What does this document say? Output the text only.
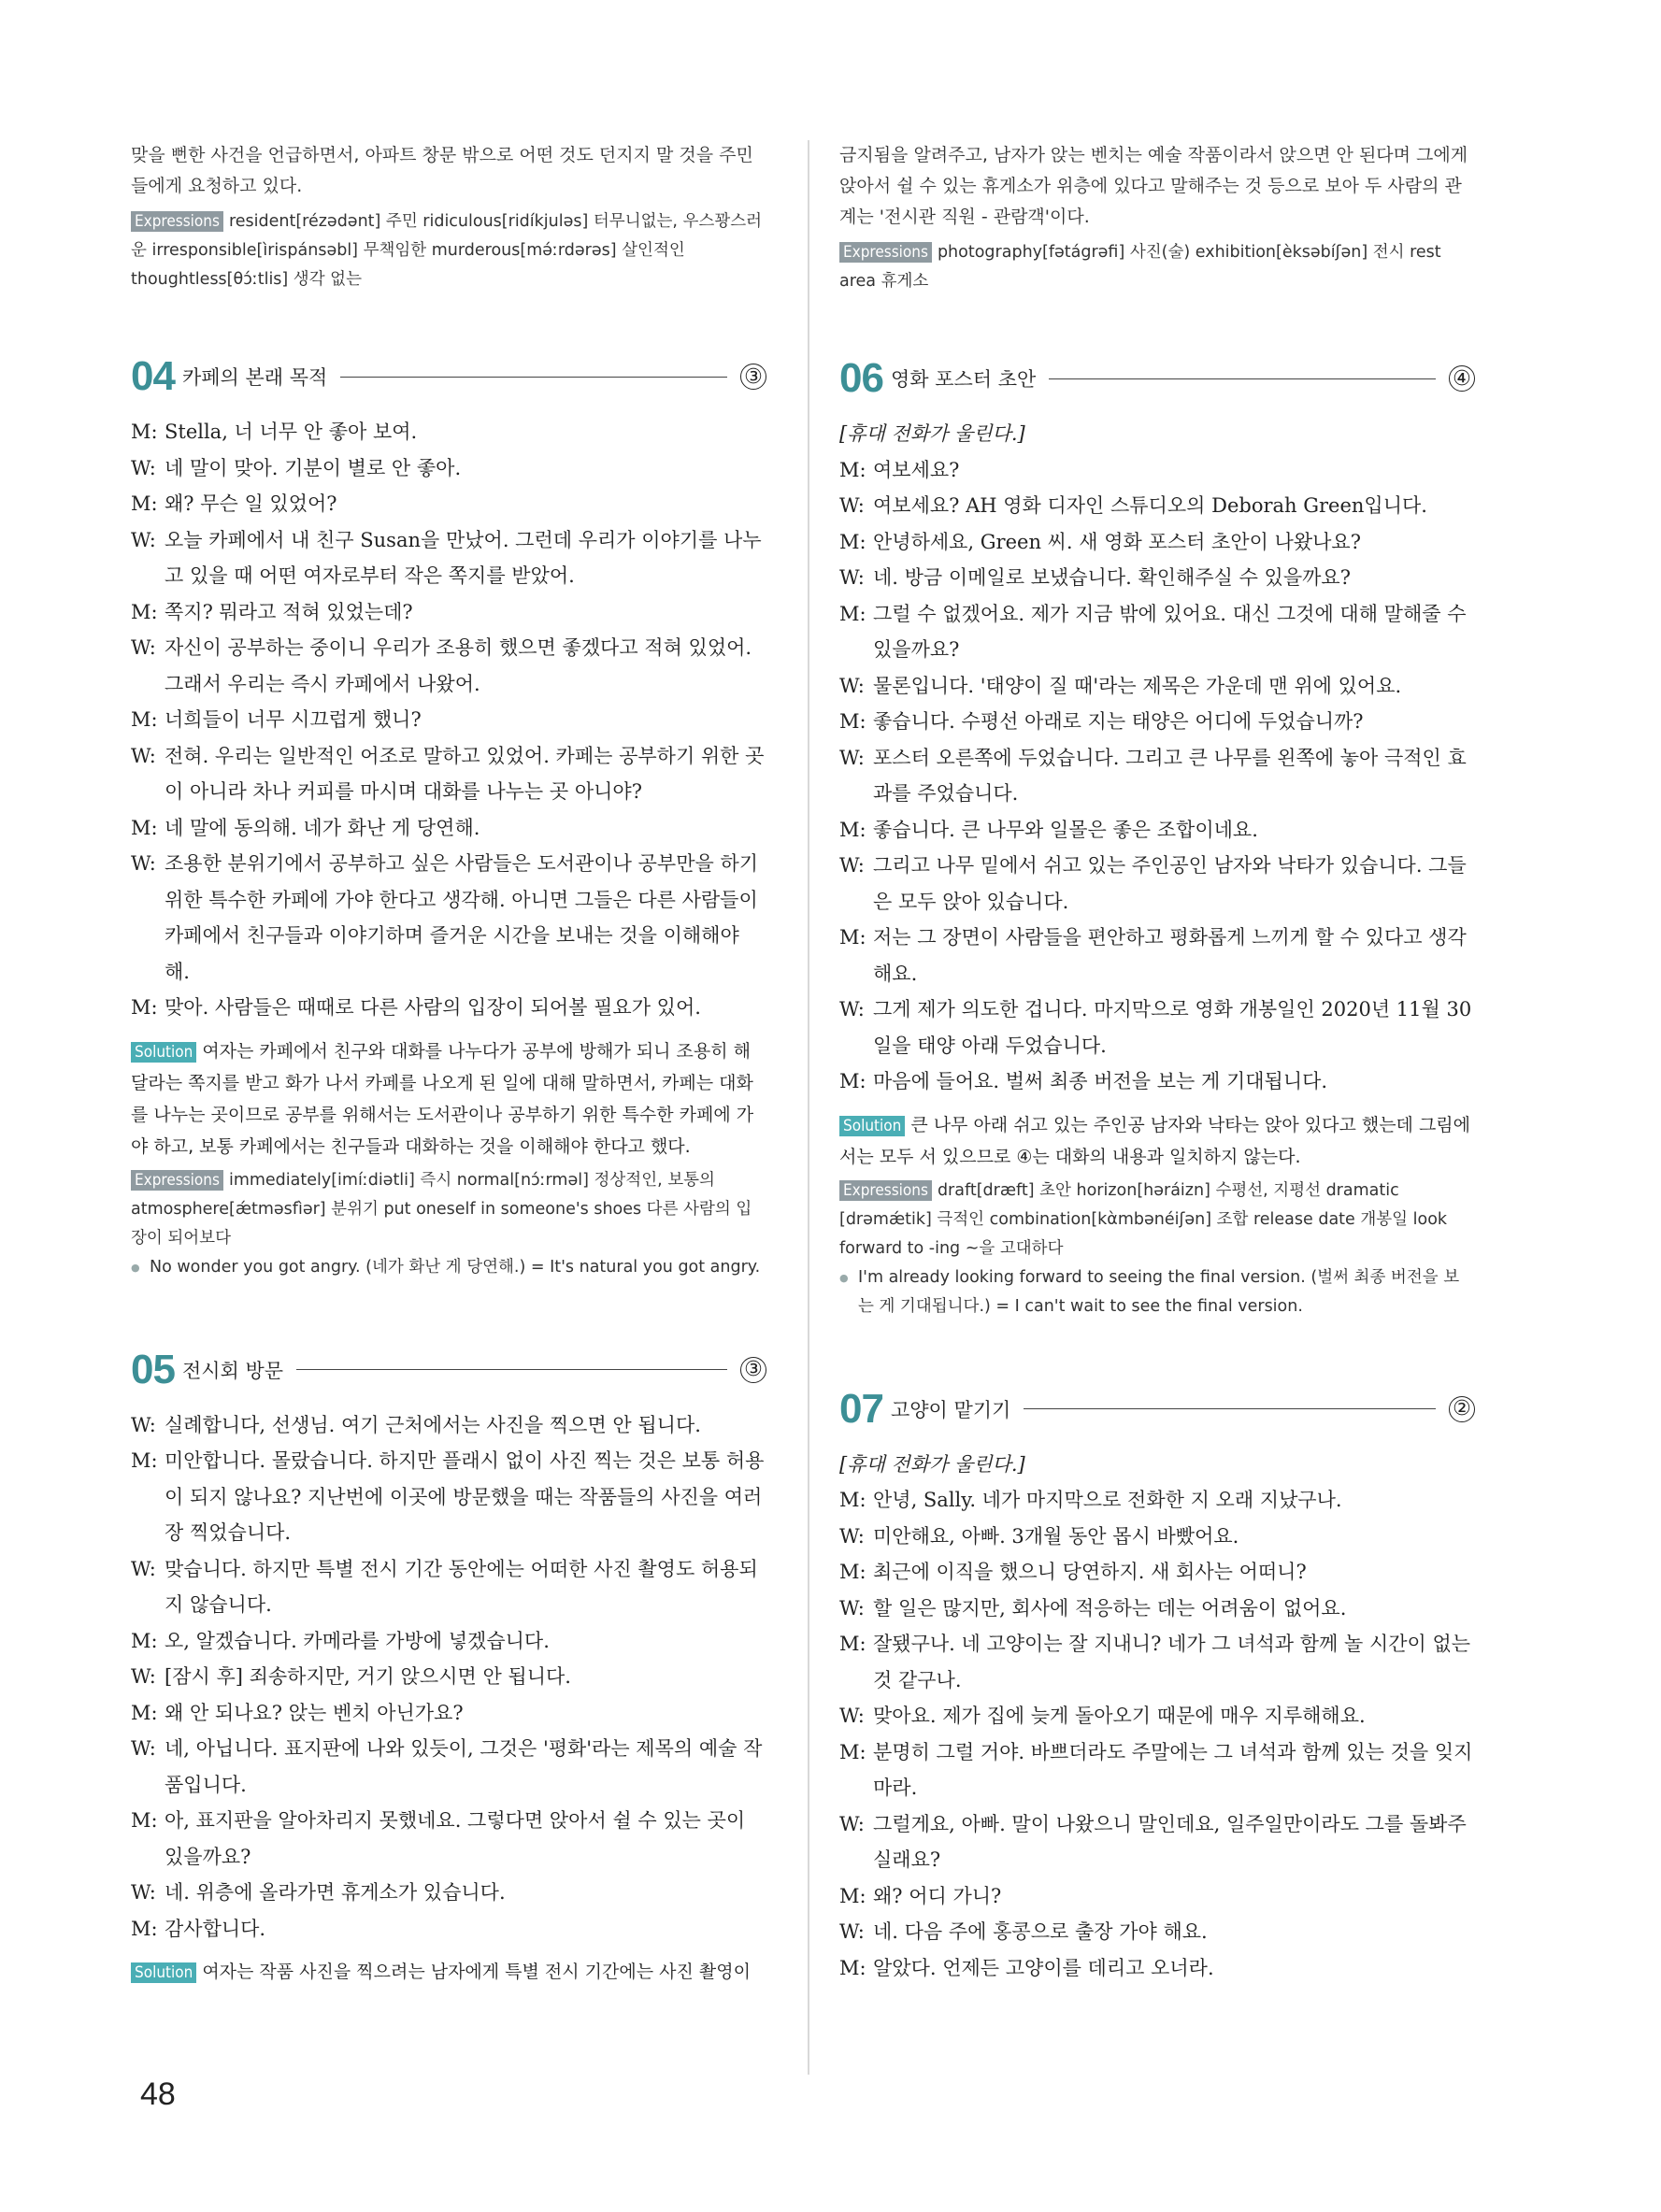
맞을 뻔한 사건을 언급하면서, 아파트 창문 밖으로 어떤 것도 던지지 말 것을 주민들에게 요청하고 있다.

Expressions resident[rézədənt] 주민 ridiculous[ridíkjuləs] 터무니없는, 우스꽝스러운 irresponsible[ìrispánsəbl] 무책임한 murderous[mə́ːrdərəs] 살인적인 thoughtless[θɔ́ːtlis] 생각 없는

04 카페의 본래 목적	③

M: Stella, 너 너무 안 좋아 보여.

W: 네 말이 맞아. 기분이 별로 안 좋아.

M: 왜? 무슨 일 있었어?

W: 오늘 카페에서 내 친구 Susan을 만났어. 그런데 우리가 이야기를 나누고 있을 때 어떤 여자로부터 작은 쪽지를 받았어.

M: 쪽지? 뭐라고 적혀 있었는데?

W: 자신이 공부하는 중이니 우리가 조용히 했으면 좋겠다고 적혀 있었어. 그래서 우리는 즉시 카페에서 나왔어.

M: 너희들이 너무 시끄럽게 했니?

W: 전혀. 우리는 일반적인 어조로 말하고 있었어. 카페는 공부하기 위한 곳이 아니라 차나 커피를 마시며 대화를 나누는 곳 아니야?

M: 네 말에 동의해. 네가 화난 게 당연해.

W: 조용한 분위기에서 공부하고 싶은 사람들은 도서관이나 공부만을 하기 위한 특수한 카페에 가야 한다고 생각해. 아니면 그들은 다른 사람들이 카페에서 친구들과 이야기하며 즐거운 시간을 보내는 것을 이해해야 해.

M: 맞아. 사람들은 때때로 다른 사람의 입장이 되어볼 필요가 있어.

Solution 여자는 카페에서 친구와 대화를 나누다가 공부에 방해가 되니 조용히 해 달라는 쪽지를 받고 화가 나서 카페를 나오게 된 일에 대해 말하면서, 카페는 대화를 나누는 곳이므로 공부를 위해서는 도서관이나 공부하기 위한 특수한 카페에 가야 하고, 보통 카페에서는 친구들과 대화하는 것을 이해해야 한다고 했다.

Expressions immediately[imíːdiətli] 즉시 normal[nɔ́ːrməl] 정상적인, 보통의 atmosphere[ǽtməsfìər] 분위기 put oneself in someone's shoes 다른 사람의 입장이 되어보다

● No wonder you got angry. (네가 화난 게 당연해.) = It's natural you got angry.

05 전시회 방문	③

W: 실례합니다, 선생님. 여기 근처에서는 사진을 찍으면 안 됩니다.

M: 미안합니다. 몰랐습니다. 하지만 플래시 없이 사진 찍는 것은 보통 허용이 되지 않나요? 지난번에 이곳에 방문했을 때는 작품들의 사진을 여러 장 찍었습니다.

W: 맞습니다. 하지만 특별 전시 기간 동안에는 어떠한 사진 촬영도 허용되지 않습니다.

M: 오, 알겠습니다. 카메라를 가방에 넣겠습니다.

W: [잠시 후] 죄송하지만, 거기 앉으시면 안 됩니다.

M: 왜 안 되나요? 앉는 벤치 아닌가요?

W: 네, 아닙니다. 표지판에 나와 있듯이, 그것은 '평화'라는 제목의 예술 작품입니다.

M: 아, 표지판을 알아차리지 못했네요. 그렇다면 앉아서 쉴 수 있는 곳이 있을까요?

W: 네. 위층에 올라가면 휴게소가 있습니다.

M: 감사합니다.

Solution 여자는 작품 사진을 찍으려는 남자에게 특별 전시 기간에는 사진 촬영이

금지됨을 알려주고, 남자가 앉는 벤치는 예술 작품이라서 앉으면 안 된다며 그에게 앉아서 쉴 수 있는 휴게소가 위층에 있다고 말해주는 것 등으로 보아 두 사람의 관계는 '전시관 직원 - 관람객'이다.

Expressions photography[fətágrəfi] 사진(술) exhibition[èksəbíʃən] 전시 rest area 휴게소

06 영화 포스터 초안	④

[휴대 전화가 울린다.]

M: 여보세요?

W: 여보세요? AH 영화 디자인 스튜디오의 Deborah Green입니다.

M: 안녕하세요, Green 씨. 새 영화 포스터 초안이 나왔나요?

W: 네. 방금 이메일로 보냈습니다. 확인해주실 수 있을까요?

M: 그럴 수 없겠어요. 제가 지금 밖에 있어요. 대신 그것에 대해 말해줄 수 있을까요?

W: 물론입니다. '태양이 질 때'라는 제목은 가운데 맨 위에 있어요.

M: 좋습니다. 수평선 아래로 지는 태양은 어디에 두었습니까?

W: 포스터 오른쪽에 두었습니다. 그리고 큰 나무를 왼쪽에 놓아 극적인 효과를 주었습니다.

M: 좋습니다. 큰 나무와 일몰은 좋은 조합이네요.

W: 그리고 나무 밑에서 쉬고 있는 주인공인 남자와 낙타가 있습니다. 그들은 모두 앉아 있습니다.

M: 저는 그 장면이 사람들을 편안하고 평화롭게 느끼게 할 수 있다고 생각해요.

W: 그게 제가 의도한 겁니다. 마지막으로 영화 개봉일인 2020년 11월 30일을 태양 아래 두었습니다.

M: 마음에 들어요. 벌써 최종 버전을 보는 게 기대됩니다.

Solution 큰 나무 아래 쉬고 있는 주인공 남자와 낙타는 앉아 있다고 했는데 그림에서는 모두 서 있으므로 ④는 대화의 내용과 일치하지 않는다.

Expressions draft[dræft] 초안 horizon[həráizn] 수평선, 지평선 dramatic [drəmǽtik] 극적인 combination[kὰmbənéiʃən] 조합 release date 개봉일 look forward to -ing ~을 고대하다

● I'm already looking forward to seeing the final version. (벌써 최종 버전을 보는 게 기대됩니다.) = I can't wait to see the final version.

07 고양이 맡기기	②

[휴대 전화가 울린다.]

M: 안녕, Sally. 네가 마지막으로 전화한 지 오래 지났구나.

W: 미안해요, 아빠. 3개월 동안 몹시 바빴어요.

M: 최근에 이직을 했으니 당연하지. 새 회사는 어떠니?

W: 할 일은 많지만, 회사에 적응하는 데는 어려움이 없어요.

M: 잘됐구나. 네 고양이는 잘 지내니? 네가 그 녀석과 함께 놀 시간이 없는 것 같구나.

W: 맞아요. 제가 집에 늦게 돌아오기 때문에 매우 지루해해요.

M: 분명히 그럴 거야. 바쁘더라도 주말에는 그 녀석과 함께 있는 것을 잊지 마라.

W: 그럴게요, 아빠. 말이 나왔으니 말인데요, 일주일만이라도 그를 돌봐주실래요?

M: 왜? 어디 가니?

W: 네. 다음 주에 홍콩으로 출장 가야 해요.

M: 알았다. 언제든 고양이를 데리고 오너라.

48
